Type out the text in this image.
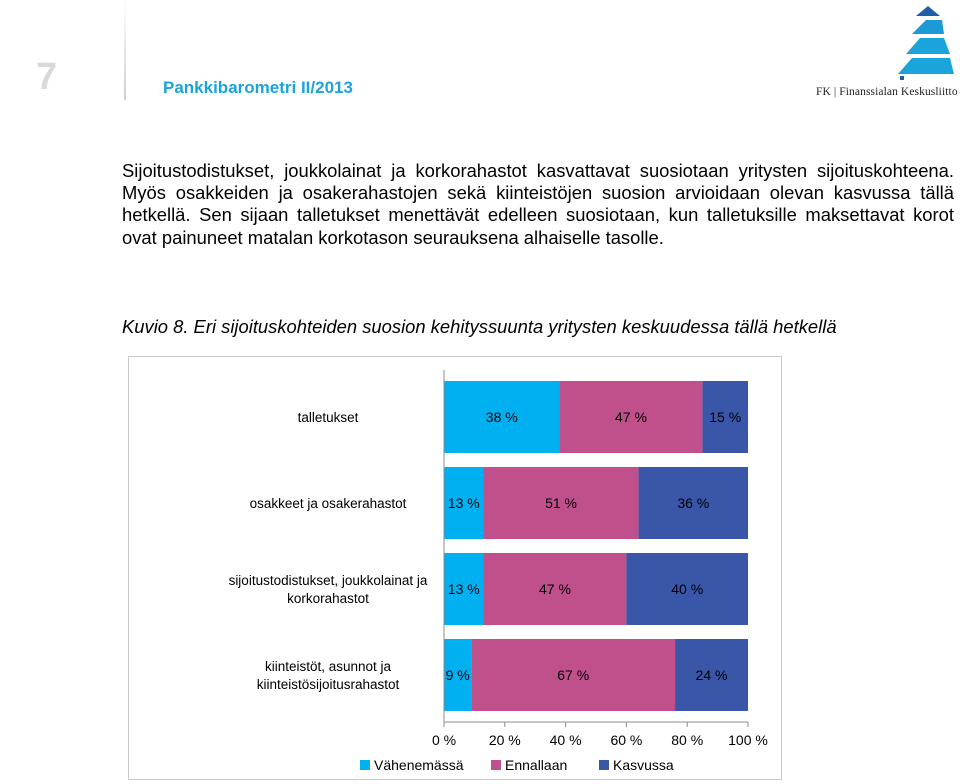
7	Pankkibarometri II/2013	FK | Finanssialan Keskusliitto
Sijoitustodistukset, joukkolainat ja korkorahastot kasvattavat suosiotaan yritysten sijoituskohteena. Myös osakkeiden ja osakerahastojen sekä kiinteistöjen suosion arvioidaan olevan kasvussa tällä hetkellä. Sen sijaan talletukset menettävät edelleen suosiotaan, kun talletuksille maksettavat korot ovat painuneet matalan korkotason seurauksena alhaiselle tasolle.
Kuvio 8. Eri sijoituskohteiden suosion kehityssuunta yritysten keskuudessa tällä hetkellä
38 %	47 %	15 %
talletukset
13 %	51 %	36 %
osakkeet ja osakerahastot
13 %	47 %	40 %
sijoitustodistukset, joukkolainat ja
korkorahastot
9 %	67 %	24 %
kiinteistöt, asunnot ja
kiinteistösijoitusrahastot
0 % 20 % 40 % 60 % 80 % 100 %
Vähenemässä	Ennallaan	Kasvussa
